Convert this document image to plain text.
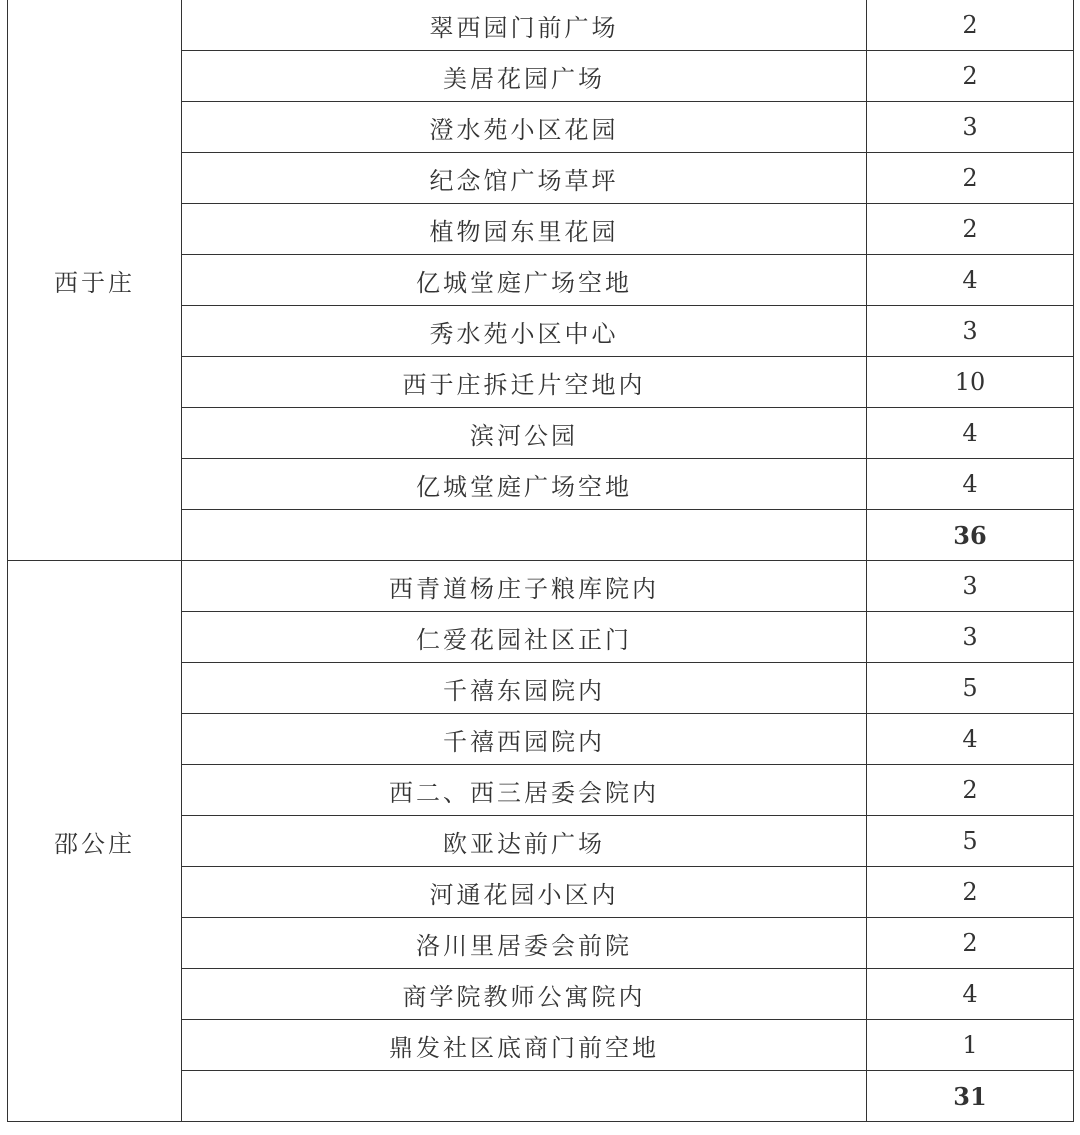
西于庄	翠西园门前广场	2
	美居花园广场	2
	澄水苑小区花园	3
	纪念馆广场草坪	2
	植物园东里花园	2
	亿城堂庭广场空地	4
	秀水苑小区中心	3
	西于庄拆迁片空地内	10
	滨河公园	4
	亿城堂庭广场空地	4
		36
邵公庄	西青道杨庄子粮库院内	3
	仁爱花园社区正门	3
	千禧东园院内	5
	千禧西园院内	4
	西二、西三居委会院内	2
	欧亚达前广场	5
	河通花园小区内	2
	洛川里居委会前院	2
	商学院教师公寓院内	4
	鼎发社区底商门前空地	1
		31
